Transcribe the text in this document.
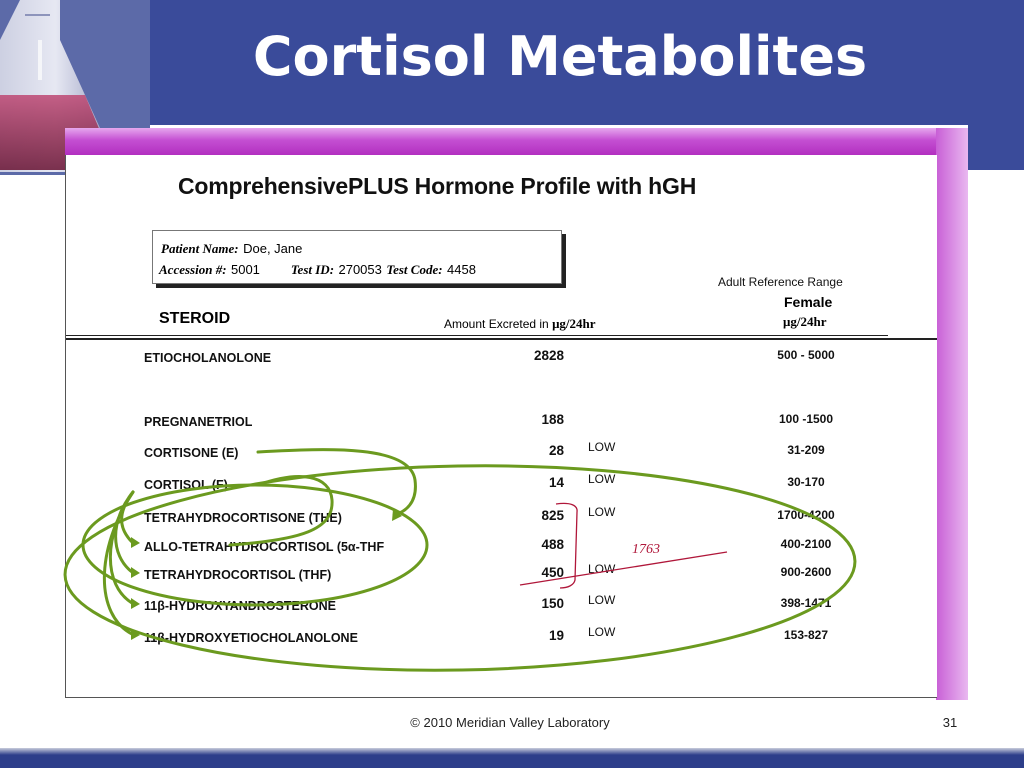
Cortisol Metabolites
ComprehensivePLUS Hormone Profile with hGH
Patient Name: Doe, Jane
Accession #: 5001 Test ID: 270053 Test Code: 4458
Adult Reference Range
Female
μg/24hr
STEROID	Amount Excreted in μg/24hr
ETIOCHOLANOLONE	2828	500 - 5000
PREGNANETRIOL	188	100 -1500
CORTISONE (E)	28 LOW	31-209
CORTISOL (F)	14 LOW	30-170
TETRAHYDROCORTISONE (THE)	825 LOW	1700-4200
ALLO-TETRAHYDROCORTISOL (5α-THF	488	400-2100
TETRAHYDROCORTISOL (THF)	450 LOW	900-2600
11β-HYDROXYANDROSTERONE	150 LOW	398-1471
11β-HYDROXYETIOCHOLANOLONE	19 LOW	153-827
1763
© 2010 Meridian Valley Laboratory	31
